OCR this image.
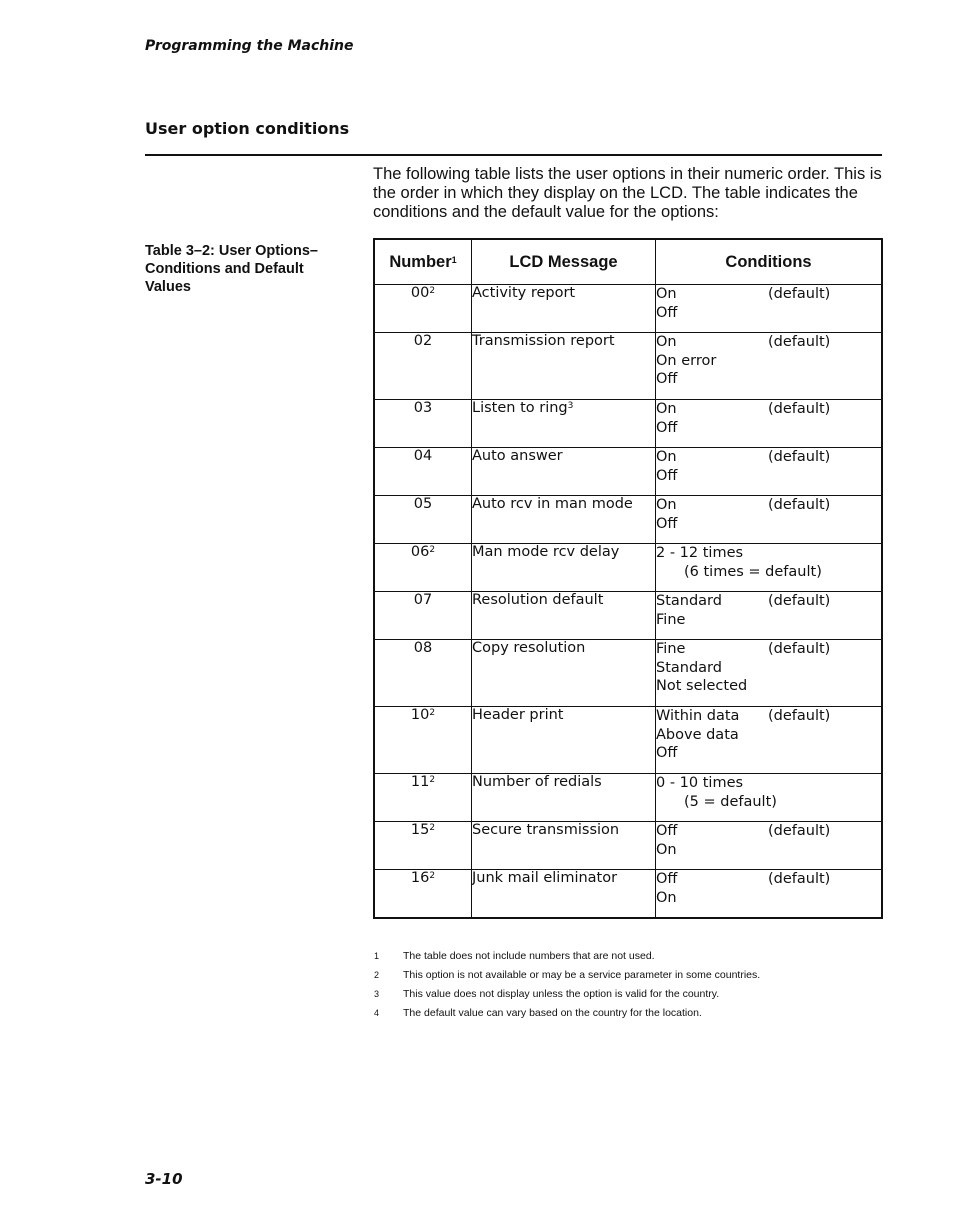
Programming the Machine
User option conditions
The following table lists the user options in their numeric order. This is the order in which they display on the LCD. The table indicates the conditions and the default value for the options:
Table 3–2: User Options–Conditions and Default Values
Number$^1$	LCD Message	Conditions
$00^2$	Activity report	On (default)
Off

02	Transmission report	On (default)
On error
Off

03	Listen to ring$^3$	On (default)
Off

04	Auto answer	On (default)
Off

05	Auto rcv in man mode	On (default)
Off

$06^2$	Man mode rcv delay	2 - 12 times
(6 times = default)

07	Resolution default	Standard (default)
Fine

08	Copy resolution	Fine (default)
Standard
Not selected

$10^2$	Header print	Within data (default)
Above data
Off

$11^2$	Number of redials	0 - 10 times
(5 = default)

$15^2$	Secure transmission	Off (default)
On

$16^2$	Junk mail eliminator	Off (default)
On
1	The table does not include numbers that are not used.
2	This option is not available or may be a service parameter in some countries.
3	This value does not display unless the option is valid for the country.
4	The default value can vary based on the country for the location.
3-10
